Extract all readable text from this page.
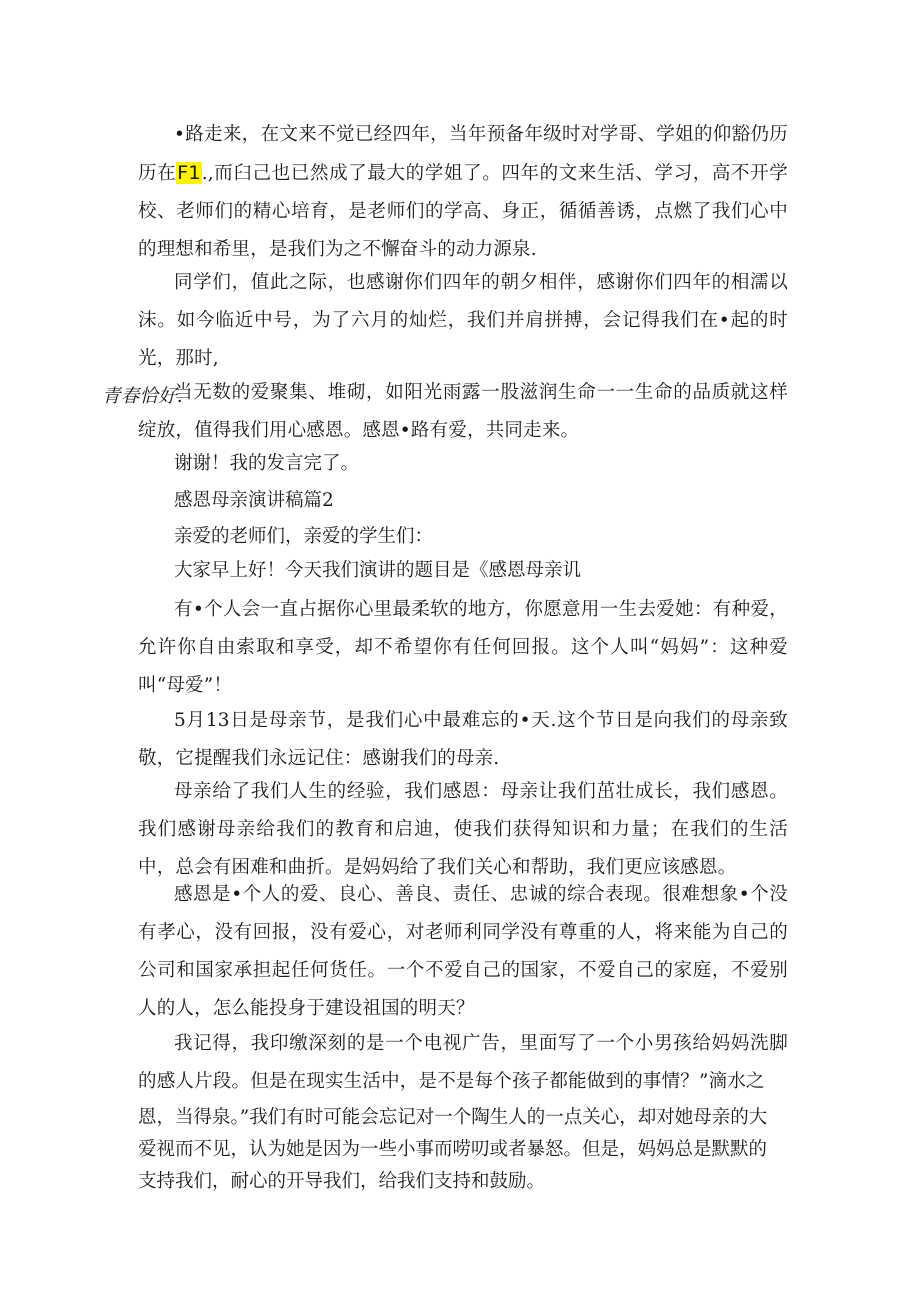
•路走来，在文来不觉已经四年，当年预备年级时对学哥、学姐的仰豁仍历历在F1.,而臼己也已然成了最大的学姐了。四年的文来生活、学习，高不开学校、老师们的精心培育，是老师们的学高、身正，循循善诱，点燃了我们心中的理想和希里，是我们为之不懈奋斗的动力源泉.

同学们，值此之际，也感谢你们四年的朝夕相伴，感谢你们四年的相濡以沫。如今临近中号，为了六月的灿烂，我们并肩拼搏，会记得我们在•起的时光，那时,
青春恰好.

当无数的爱聚集、堆砌，如阳光雨露一股滋润生命一一生命的品质就这样绽放，值得我们用心感恩。感恩•路有爱，共同走来。

谢谢！我的发言完了。

感恩母亲演讲稿篇2

亲爱的老师们，亲爱的学生们：

大家早上好！今天我们演讲的题目是《感恩母亲讥

有•个人会一直占据你心里最柔软的地方，你愿意用一生去爱她：有种爱，允许你自由索取和享受，却不希望你有任何回报。这个人叫“妈妈”：这种爱叫“母爱”！

5月13日是母亲节，是我们心中最难忘的•天.这个节日是向我们的母亲致敬，它提醒我们永远记住：感谢我们的母亲.

母亲给了我们人生的经验，我们感恩：母亲让我们茁壮成长，我们感恩。我们感谢母亲给我们的教育和启迪，使我们获得知识和力量；在我们的生活中，总会有困难和曲折。是妈妈给了我们关心和帮助，我们更应该感恩。

感恩是•个人的爱、良心、善良、责任、忠诚的综合表现。很难想象•个没有孝心，没有回报，没有爱心，对老师利同学没有尊重的人，将来能为自己的公司和国家承担起任何货任。一个不爱自己的国家，不爱自己的家庭，不爱别人的人，怎么能投身于建设祖国的明天？

我记得，我印缴深刻的是一个电视广告，里面写了一个小男孩给妈妈洗脚的感人片段。但是在现实生活中，是不是每个孩子都能做到的事情？”滴水之

恩，当得泉。”我们有时可能会忘记对一个陶生人的一点关心，却对她母亲的大

爱视而不见，认为她是因为一些小事而唠叨或者暴怒。但是，妈妈总是默默的

支持我们，耐心的开导我们，给我们支持和鼓励。
